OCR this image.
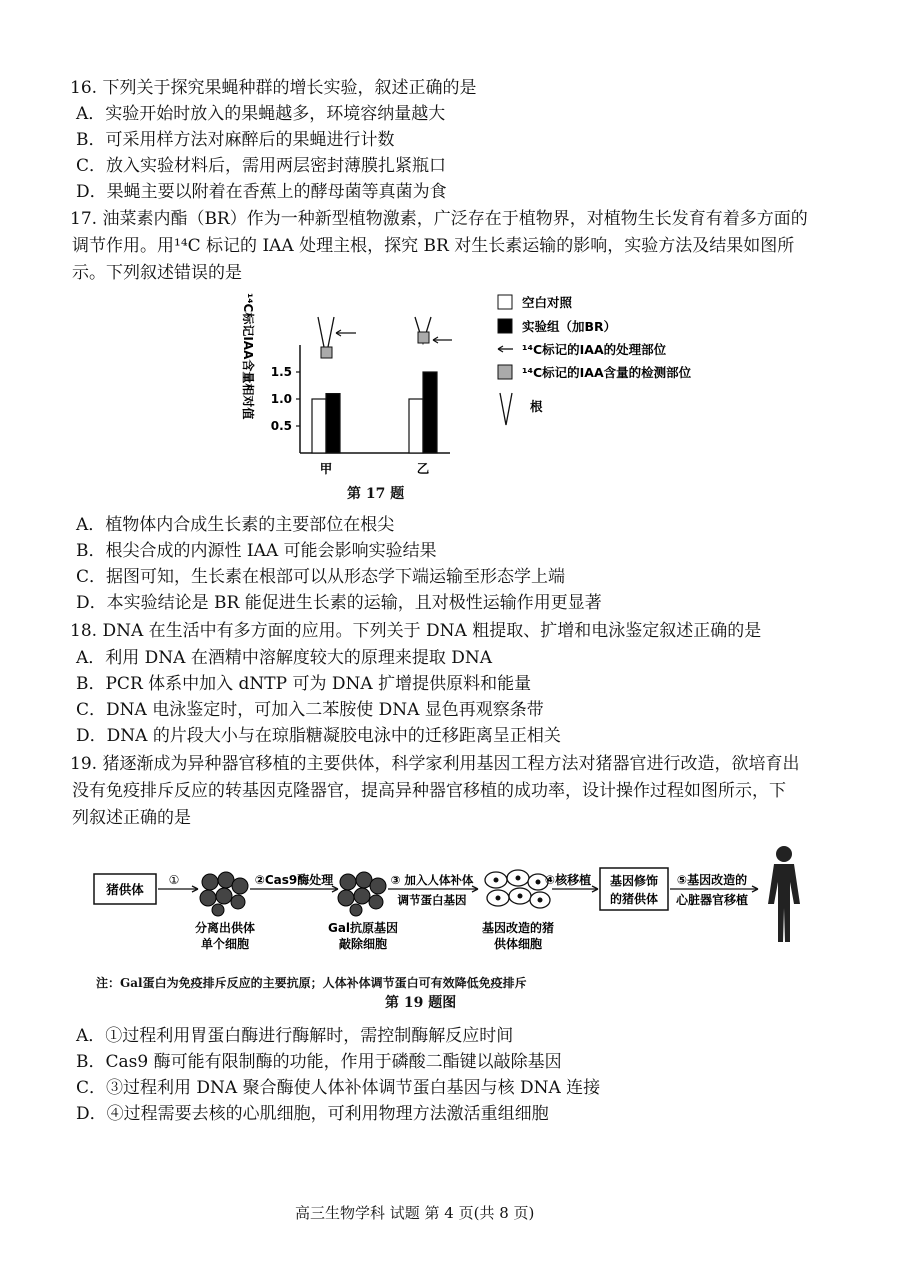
16. 下列关于探究果蝇种群的增长实验，叙述正确的是
A．实验开始时放入的果蝇越多，环境容纳量越大
B．可采用样方法对麻醉后的果蝇进行计数
C．放入实验材料后，需用两层密封薄膜扎紧瓶口
D．果蝇主要以附着在香蕉上的酵母菌等真菌为食
17. 油菜素内酯（BR）作为一种新型植物激素，广泛存在于植物界，对植物生长发育有着多方面的
调节作用。用¹⁴C 标记的 IAA 处理主根，探究 BR 对生长素运输的影响，实验方法及结果如图所
示。下列叙述错误的是
¹⁴C标记IAA含量相对值
0.5
1.0
1.5
甲	乙
空白对照
实验组（加BR）
¹⁴C标记的IAA的处理部位
¹⁴C标记的IAA含量的检测部位
根
第 17 题
A．植物体内合成生长素的主要部位在根尖
B．根尖合成的内源性 IAA 可能会影响实验结果
C．据图可知，生长素在根部可以从形态学下端运输至形态学上端
D．本实验结论是 BR 能促进生长素的运输，且对极性运输作用更显著
18. DNA 在生活中有多方面的应用。下列关于 DNA 粗提取、扩增和电泳鉴定叙述正确的是
A．利用 DNA 在酒精中溶解度较大的原理来提取 DNA
B．PCR 体系中加入 dNTP 可为 DNA 扩增提供原料和能量
C．DNA 电泳鉴定时，可加入二苯胺使 DNA 显色再观察条带
D．DNA 的片段大小与在琼脂糖凝胶电泳中的迁移距离呈正相关
19. 猪逐渐成为异种器官移植的主要供体，科学家利用基因工程方法对猪器官进行改造，欲培育出
没有免疫排斥反应的转基因克隆器官，提高异种器官移植的成功率，设计操作过程如图所示，下
列叙述正确的是
猪供体
①
分离出供体
单个细胞
②Cas9酶处理
Gal抗原基因
敲除细胞
③ 加入人体补体
调节蛋白基因
基因改造的猪
供体细胞
④核移植 基因修饰
的猪供体
⑤基因改造的
心脏器官移植
注：Gal蛋白为免疫排斥反应的主要抗原；人体补体调节蛋白可有效降低免疫排斥
第 19 题图
A．①过程利用胃蛋白酶进行酶解时，需控制酶解反应时间
B．Cas9 酶可能有限制酶的功能，作用于磷酸二酯键以敲除基因
C．③过程利用 DNA 聚合酶使人体补体调节蛋白基因与核 DNA 连接
D．④过程需要去核的心肌细胞，可利用物理方法激活重组细胞
高三生物学科 试题 第 4 页(共 8 页)
